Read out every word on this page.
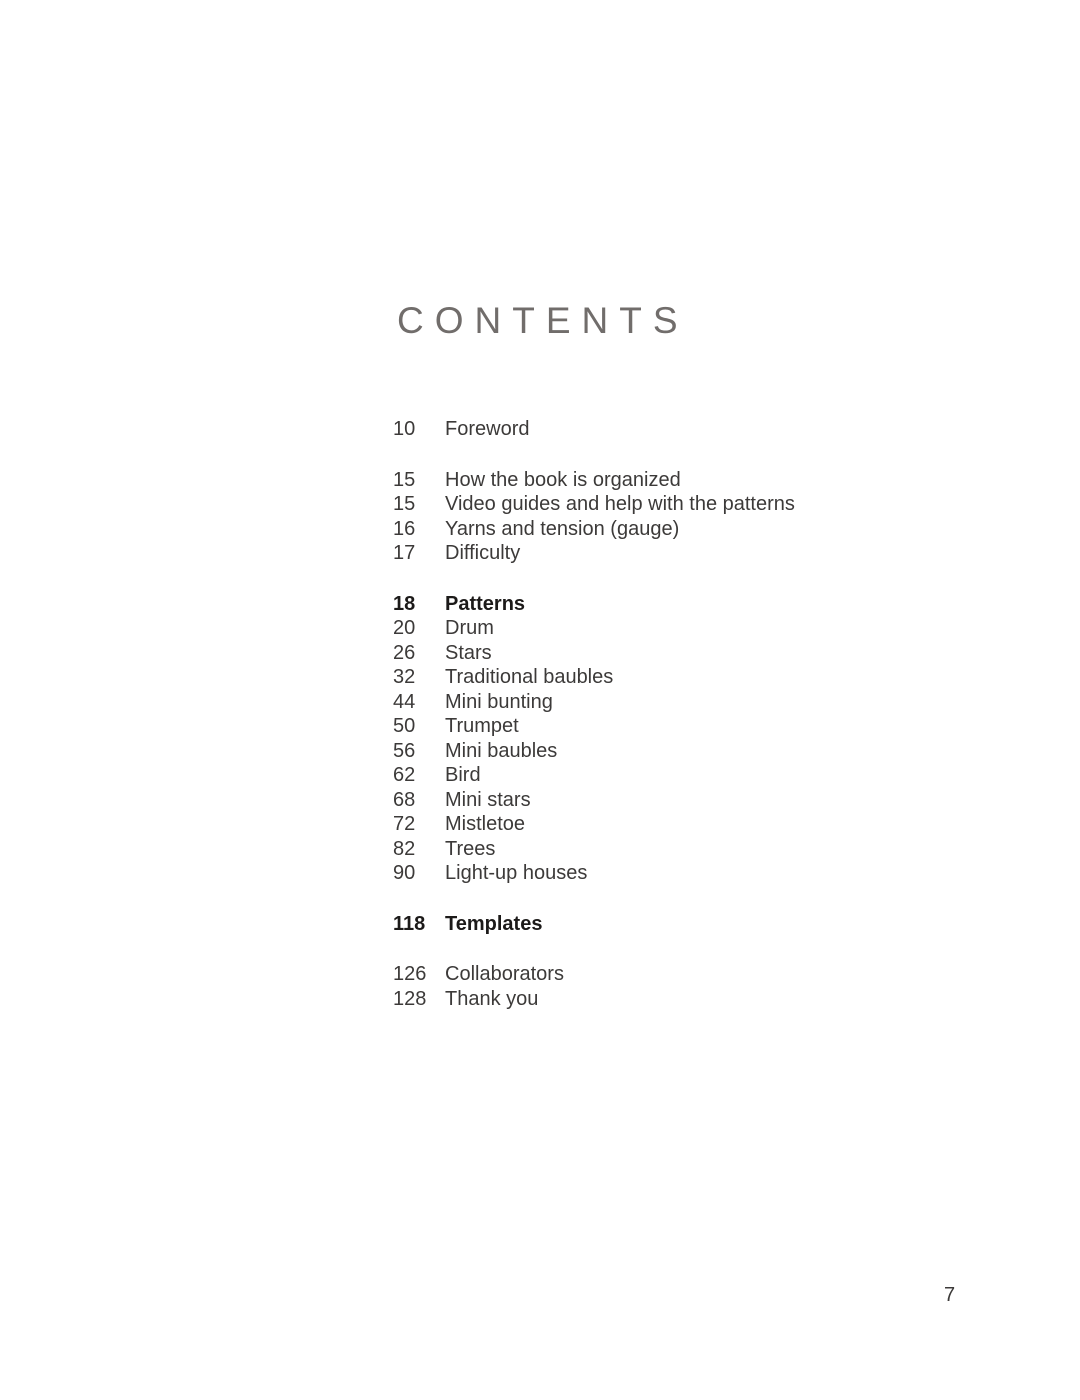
CONTENTS
10	Foreword
15	How the book is organized
15	Video guides and help with the patterns
16	Yarns and tension (gauge)
17	Difficulty
18	Patterns
20	Drum
26	Stars
32	Traditional baubles
44	Mini bunting
50	Trumpet
56	Mini baubles
62	Bird
68	Mini stars
72	Mistletoe
82	Trees
90	Light-up houses
118 Templates
126 Collaborators
128 Thank you
7
